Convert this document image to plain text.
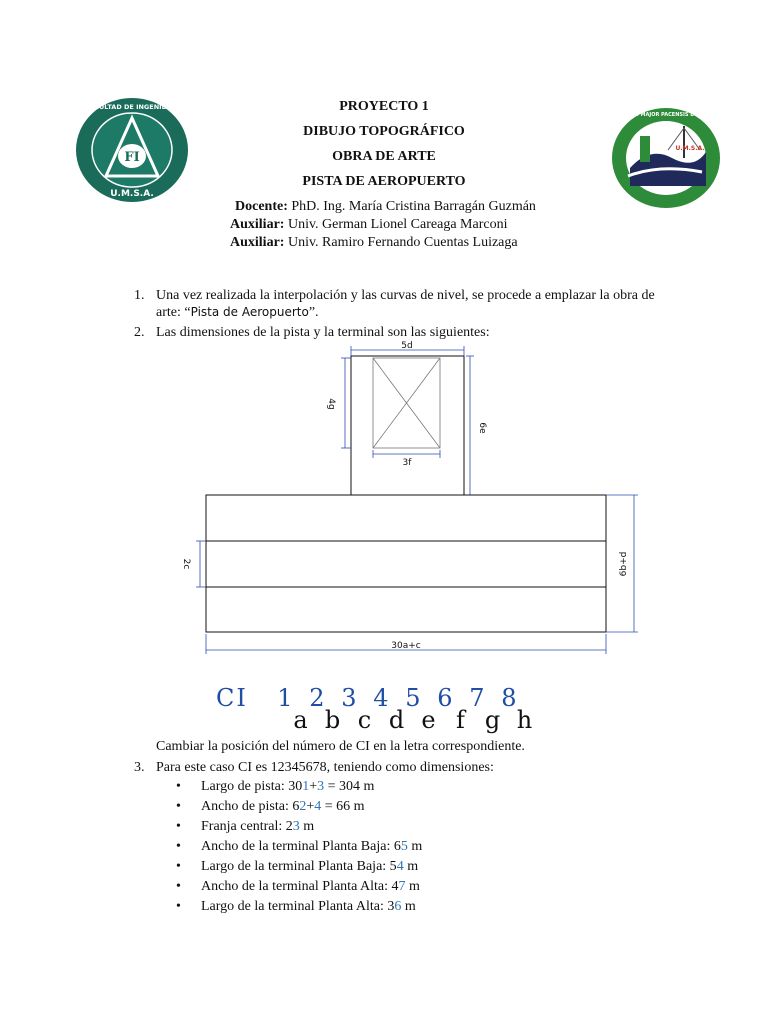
FI
U.M.S.A.
FACULTAD DE INGENIERIA
U.M.S.A.
UNIVERSITAS MAJOR PACENSIS DIVI ANDREAE
PROYECTO 1
DIBUJO TOPOGRÁFICO
OBRA DE ARTE
PISTA DE AEROPUERTO
Docente: PhD. Ing. María Cristina Barragán Guzmán
Auxiliar: Univ. German Lionel Careaga Marconi
Auxiliar: Univ. Ramiro Fernando Cuentas Luizaga
1. Una vez realizada la interpolación y las curvas de nivel, se procede a emplazar la obra de
arte: “Pista de Aeropuerto”.
2. Las dimensiones de la pista y la terminal son las siguientes:
5d
3f
4g
6e
2c	6b+d
30a+c
CI 1 2 3 4 5 6 7 8
a b c d e f g h
Cambiar la posición del número de CI en la letra correspondiente.
3. Para este caso CI es 12345678, teniendo como dimensiones:
• Largo de pista: 301+3 = 304 m
• Ancho de pista: 62+4 = 66 m
• Franja central: 23 m
• Ancho de la terminal Planta Baja: 65 m
• Largo de la terminal Planta Baja: 54 m
• Ancho de la terminal Planta Alta: 47 m
• Largo de la terminal Planta Alta: 36 m
